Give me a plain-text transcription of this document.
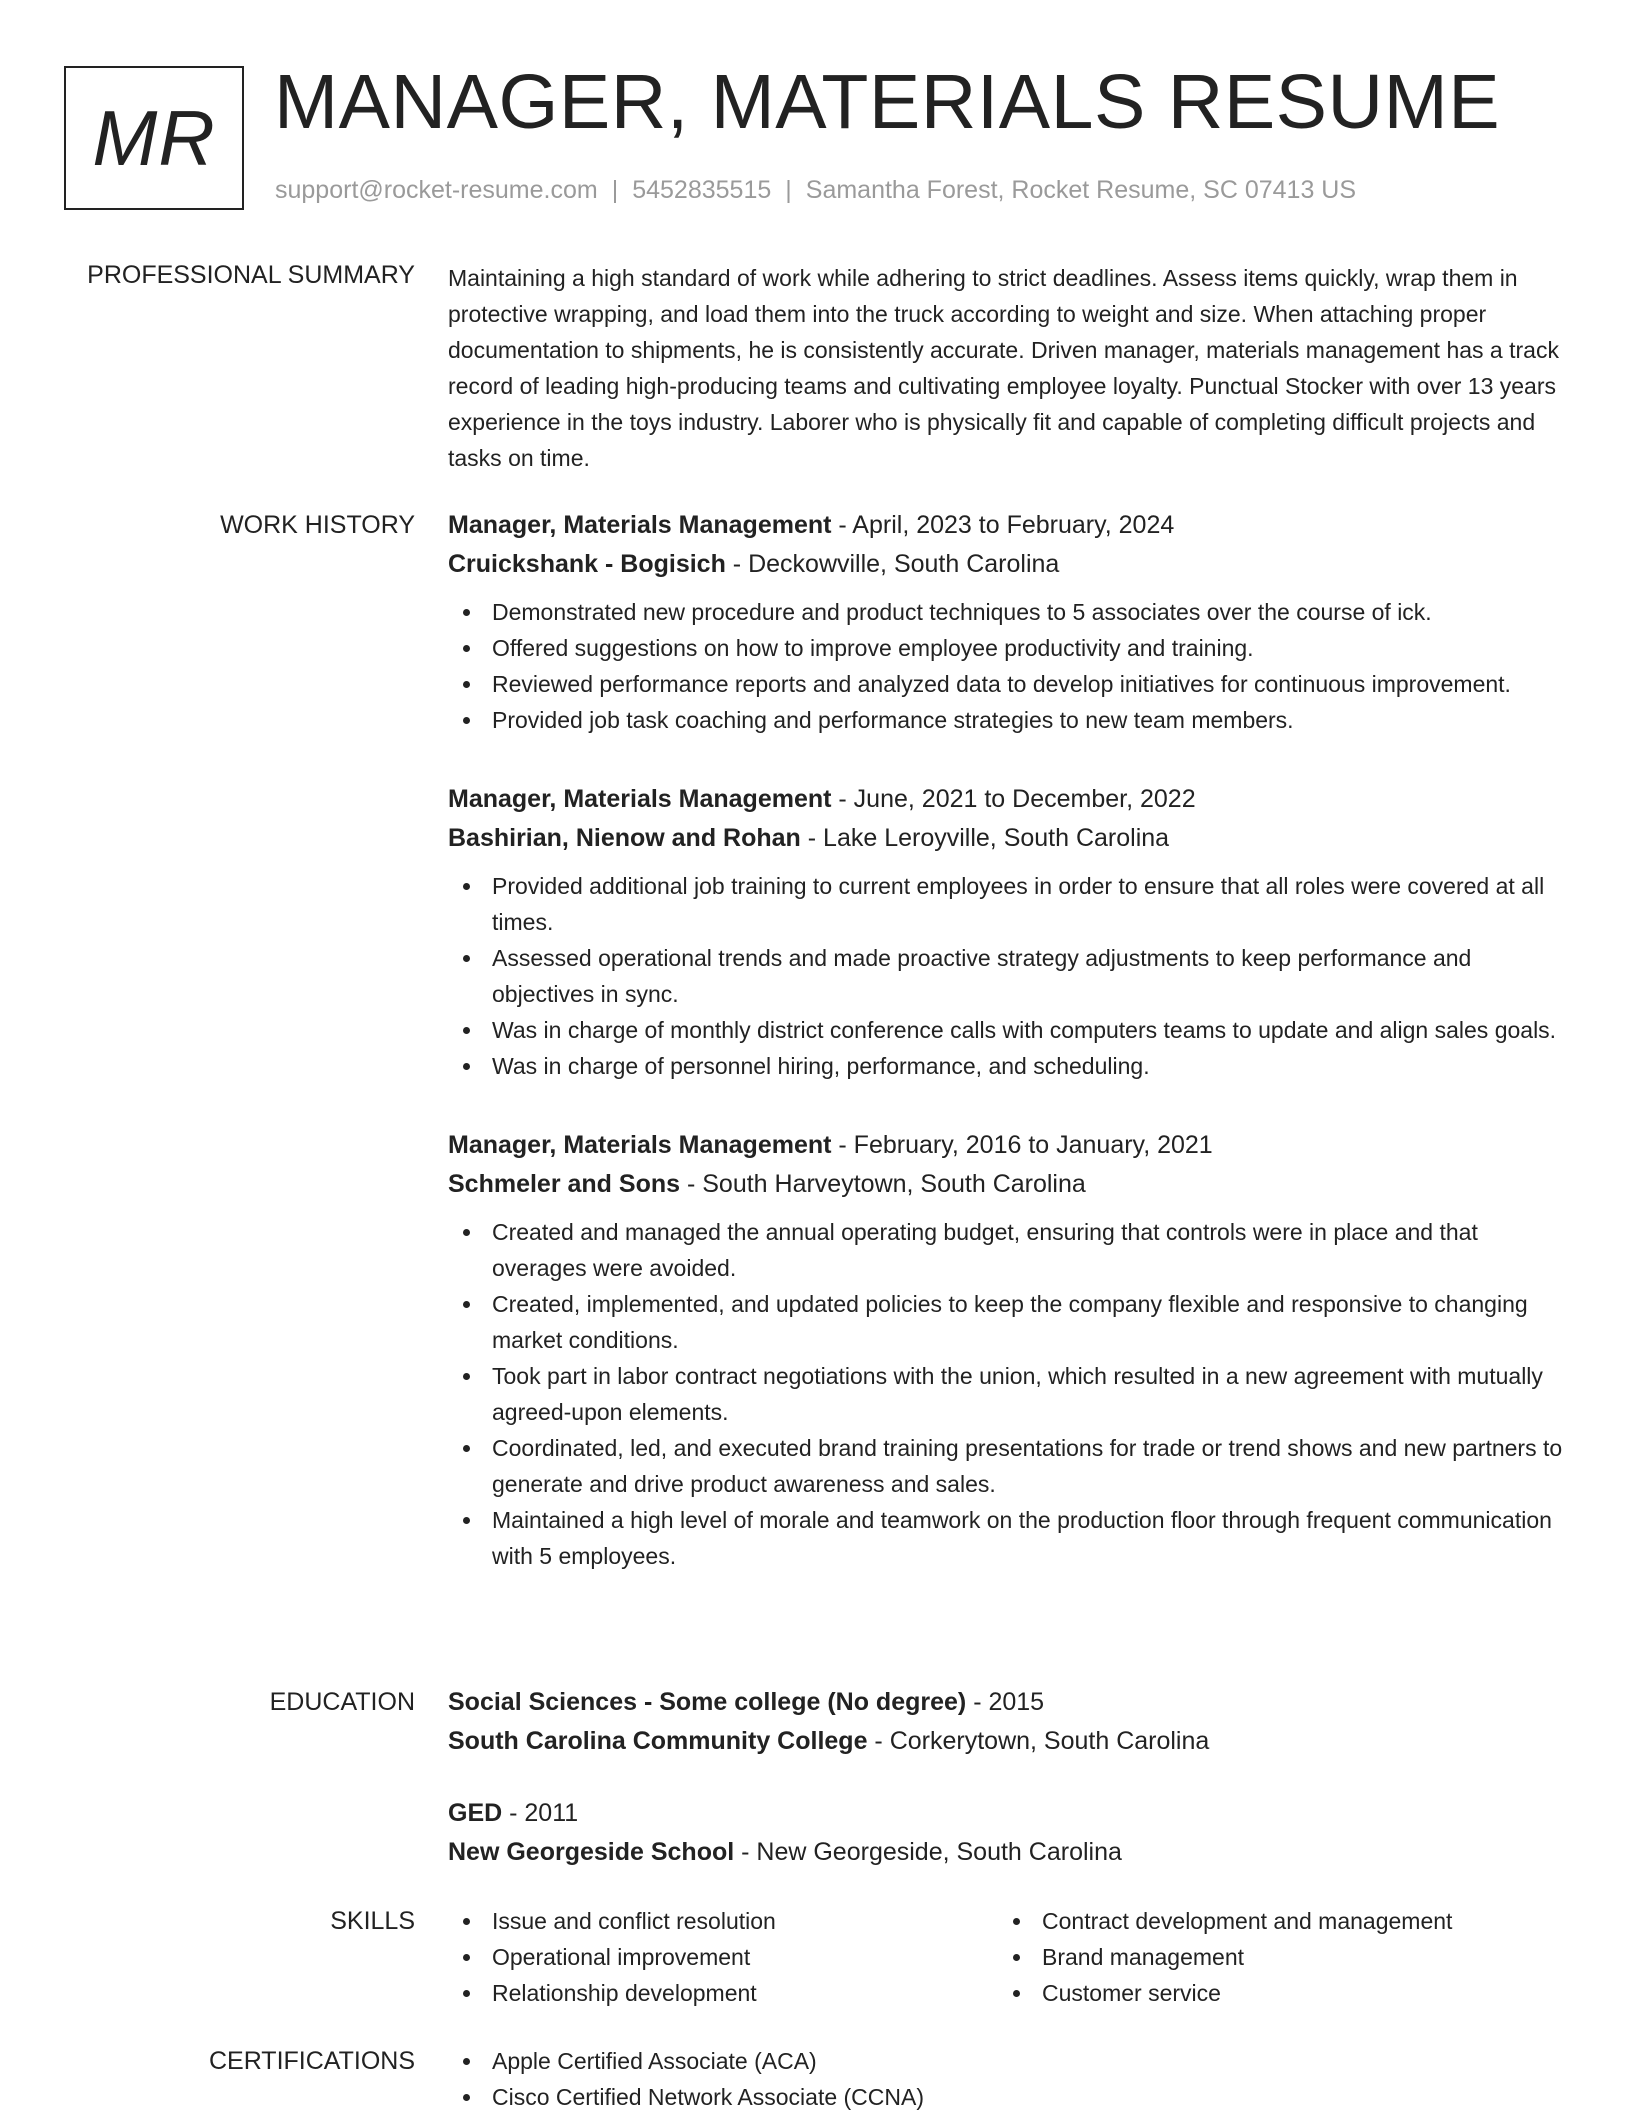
MR MANAGER, MATERIALS RESUME
support@rocket-resume.com | 5452835515 | Samantha Forest, Rocket Resume, SC 07413 US
PROFESSIONAL SUMMARY Maintaining a high standard of work while adhering to strict deadlines. Assess items quickly, wrap them in protective wrapping, and load them into the truck according to weight and size. When attaching proper documentation to shipments, he is consistently accurate. Driven manager, materials management has a track record of leading high-producing teams and cultivating employee loyalty. Punctual Stocker with over 13 years experience in the toys industry. Laborer who is physically fit and capable of completing difficult projects and tasks on time.
WORK HISTORY Manager, Materials Management - April, 2023 to February, 2024
Cruickshank - Bogisich - Deckowville, South Carolina
Demonstrated new procedure and product techniques to 5 associates over the course of ick.
Offered suggestions on how to improve employee productivity and training.
Reviewed performance reports and analyzed data to develop initiatives for continuous improvement.
Provided job task coaching and performance strategies to new team members.
Manager, Materials Management - June, 2021 to December, 2022
Bashirian, Nienow and Rohan - Lake Leroyville, South Carolina
Provided additional job training to current employees in order to ensure that all roles were covered at all times.
Assessed operational trends and made proactive strategy adjustments to keep performance and objectives in sync.
Was in charge of monthly district conference calls with computers teams to update and align sales goals.
Was in charge of personnel hiring, performance, and scheduling.
Manager, Materials Management - February, 2016 to January, 2021
Schmeler and Sons - South Harveytown, South Carolina
Created and managed the annual operating budget, ensuring that controls were in place and that overages were avoided.
Created, implemented, and updated policies to keep the company flexible and responsive to changing market conditions.
Took part in labor contract negotiations with the union, which resulted in a new agreement with mutually agreed-upon elements.
Coordinated, led, and executed brand training presentations for trade or trend shows and new partners to generate and drive product awareness and sales.
Maintained a high level of morale and teamwork on the production floor through frequent communication with 5 employees.
EDUCATION Social Sciences - Some college (No degree) - 2015
South Carolina Community College - Corkerytown, South Carolina
GED - 2011
New Georgeside School - New Georgeside, South Carolina
SKILLS	Issue and conflict resolution
Operational improvement
Relationship development
Contract development and management
Brand management
Customer service
CERTIFICATIONS	Apple Certified Associate (ACA)
Cisco Certified Network Associate (CCNA)
